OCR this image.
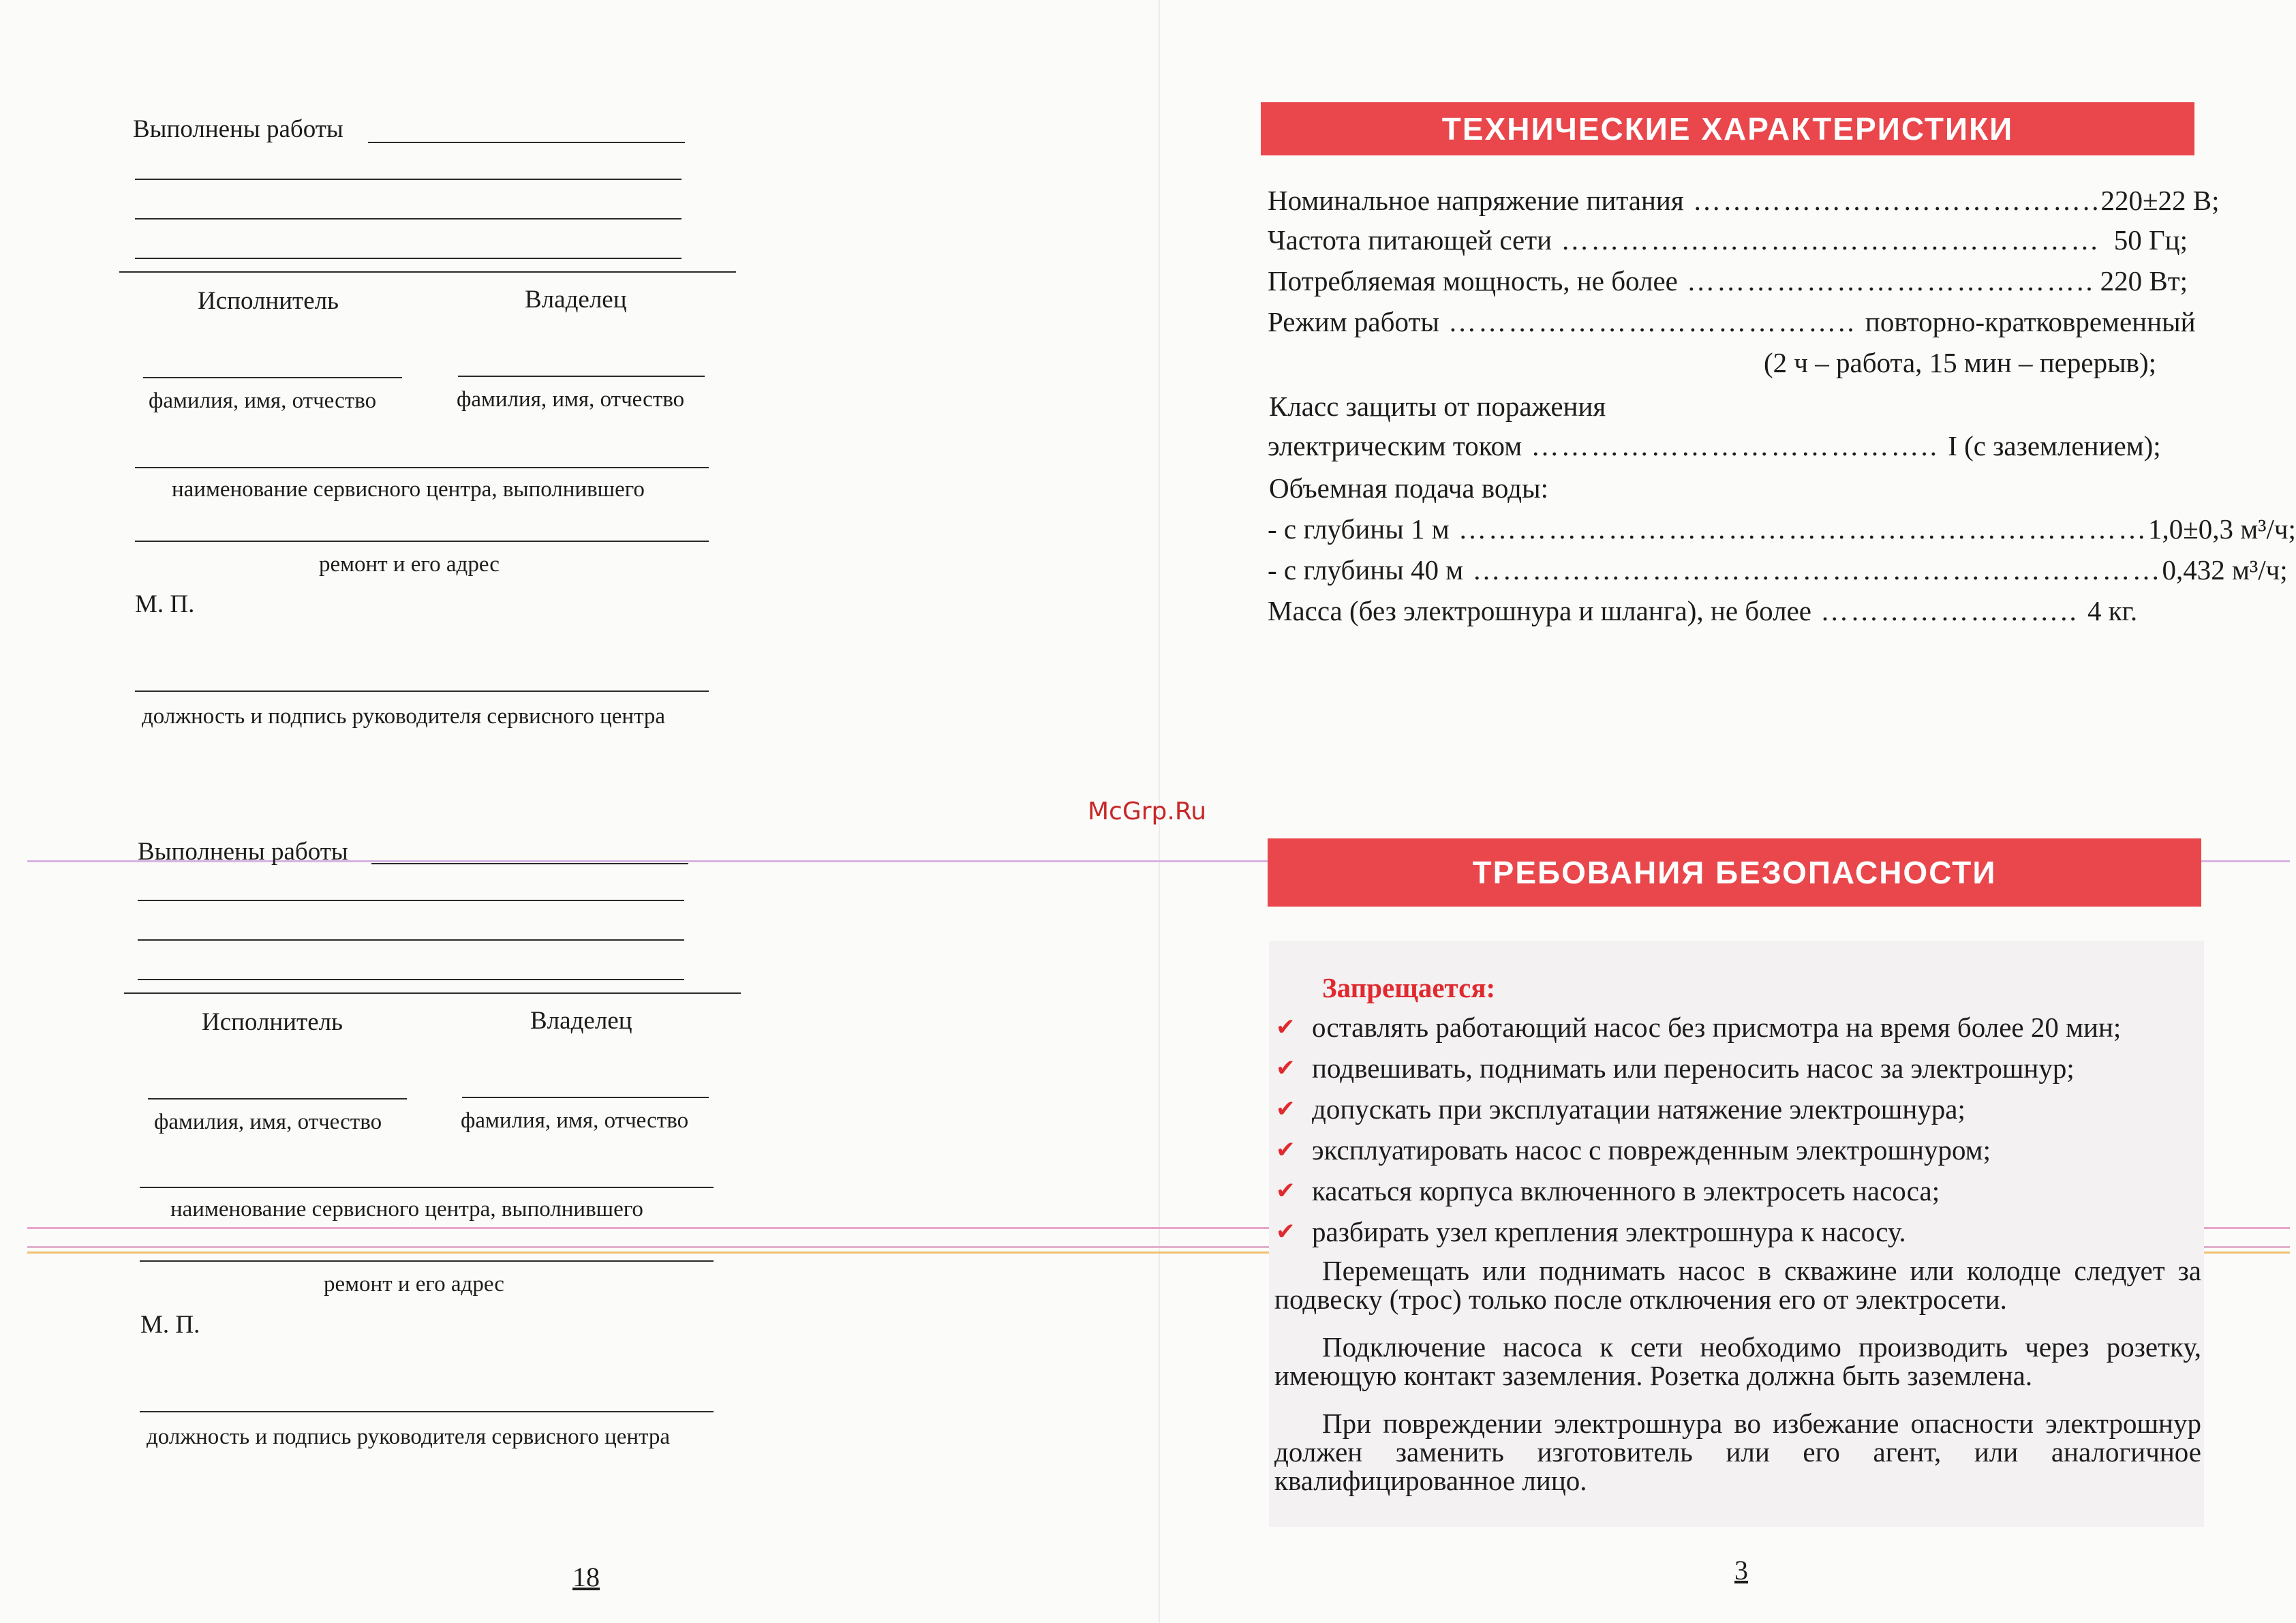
McGrp.Ru
Выполнены работы
Исполнитель	Владелец
фамилия, имя, отчество	фамилия, имя, отчество
наименование сервисного центра, выполнившего
ремонт и его адрес
М. П.
должность и подпись руководителя сервисного центра
Выполнены работы
Исполнитель	Владелец
фамилия, имя, отчество	фамилия, имя, отчество
наименование сервисного центра, выполнившего
ремонт и его адрес
М. П.
должность и подпись руководителя сервисного центра
18
ТЕХНИЧЕСКИЕ ХАРАКТЕРИСТИКИ
Номинальное напряжение питания ………………………………….. 220±22 В;
Частота питающей сети ……………………………………………… 50 Гц;
Потребляемая мощность, не более ………………………………….. 220 Вт;
Режим работы ………………………………….. повторно-кратковременный
(2 ч – работа, 15 мин – перерыв);
Класс защиты от поражения
электрическим током ………………………………….. I (с заземлением);
Объемная подача воды:
- с глубины 1 м …………………………………………………………… 1,0±0,3 м³/ч;
- с глубины 40 м …………………………………………………………… 0,432 м³/ч;
Масса (без электрошнура и шланга), не более …………………….. 4 кг.
ТРЕБОВАНИЯ БЕЗОПАСНОСТИ
Запрещается:
✔ оставлять работающий насос без присмотра на время более 20 мин;
✔ подвешивать, поднимать или переносить насос за электрошнур;
✔ допускать при эксплуатации натяжение электрошнура;
✔ эксплуатировать насос с поврежденным электрошнуром;
✔ касаться корпуса включенного в электросеть насоса;
✔ разбирать узел крепления электрошнура к насосу.
Перемещать или поднимать насос в скважине или колодце следует за подвеску (трос) только после отключения его от электросети.
Подключение насоса к сети необходимо производить через розетку, имеющую контакт заземления. Розетка должна быть заземлена.
При повреждении электрошнура во избежание опасности электрошнур должен заменить изготовитель или его агент, или аналогичное квалифицированное лицо.
3
